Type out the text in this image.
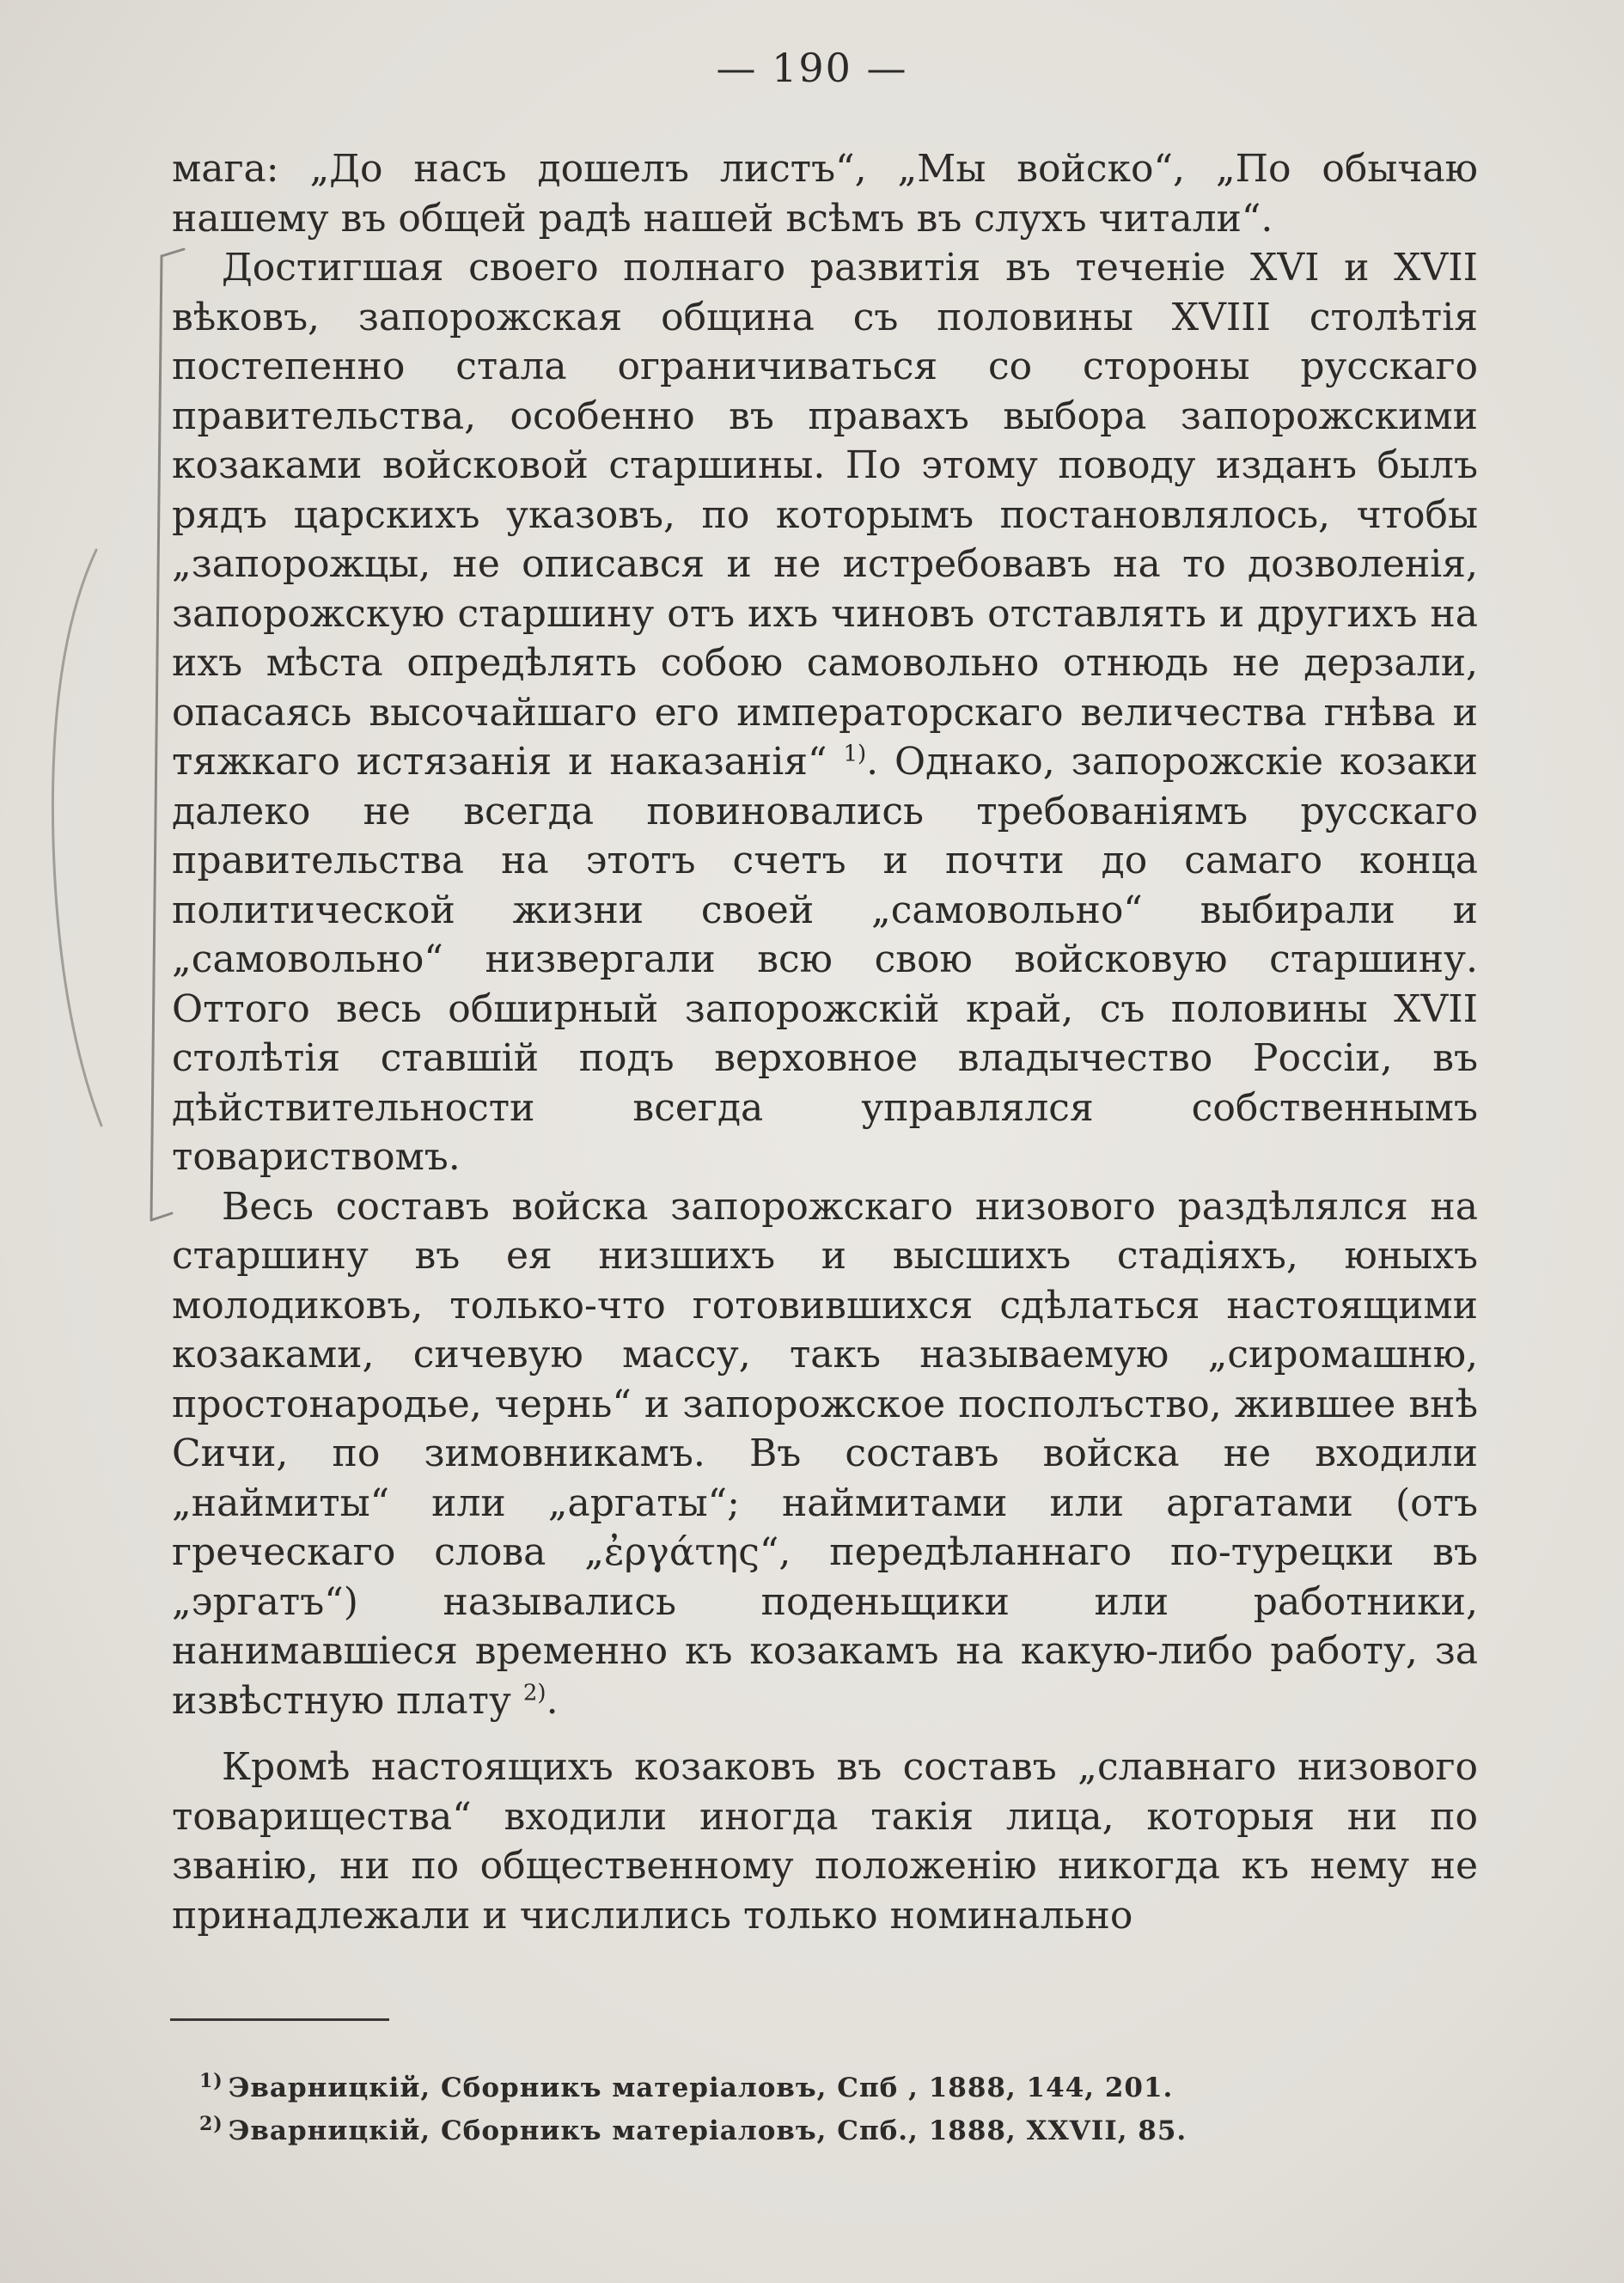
— 190 —

мага: „До насъ дошелъ листъ“, „Мы войско“, „По обычаю нашему въ общей радѣ нашей всѣмъ въ слухъ читали“.

Достигшая своего полнаго развитія въ теченіе XVI и XVII вѣковъ, запорожская община съ половины XVIII столѣтія постепенно стала ограничиваться со стороны русскаго правительства, особенно въ правахъ выбора запорожскими козаками войсковой старшины. По этому поводу изданъ былъ рядъ царскихъ указовъ, по которымъ постановлялось, чтобы „запорожцы, не описався и не истребовавъ на то дозволенія, запорожскую старшину отъ ихъ чиновъ отставлять и другихъ на ихъ мѣста опредѣлять собою самовольно отнюдь не дерзали, опасаясь высочайшаго его императорскаго величества гнѣва и тяжкаго истязанія и наказанія“ $^{1)}$. Однако, запорожскіе козаки далеко не всегда повиновались требованіямъ русскаго правительства на этотъ счетъ и почти до самаго конца политической жизни своей „самовольно“ выбирали и „самовольно“ низвергали всю свою войсковую старшину. Оттого весь обширный запорожскій край, съ половины XVII столѣтія ставшій подъ верховное владычество Россіи, въ дѣйствительности всегда управлялся собственнымъ товариствомъ.

Весь составъ войска запорожскаго низового раздѣлялся на старшину въ ея низшихъ и высшихъ стадіяхъ, юныхъ молодиковъ, только-что готовившихся сдѣлаться настоящими козаками, сичевую массу, такъ называемую „сиромашню, простонародье, чернь“ и запорожское посполъство, жившее внѣ Сичи, по зимовникамъ. Въ составъ войска не входили „наймиты“ или „аргаты“; наймитами или аргатами (отъ греческаго слова „ἐργάτης“, передѣланнаго по-турецки въ „эргатъ“) назывались поденьщики или работники, нанимавшіеся временно къ козакамъ на какую-либо работу, за извѣстную плату $^{2)}$.

Кромѣ настоящихъ козаковъ въ составъ „славнаго низового товарищества“ входили иногда такія лица, которыя ни по званію, ни по общественному положенію никогда къ нему не принадлежали и числились только номинально

$^{1)}$ Эварницкій, Сборникъ матеріаловъ, Спб , 1888, 144, 201.
$^{2)}$ Эварницкій, Сборникъ матеріаловъ, Спб., 1888, XXVII, 85.
